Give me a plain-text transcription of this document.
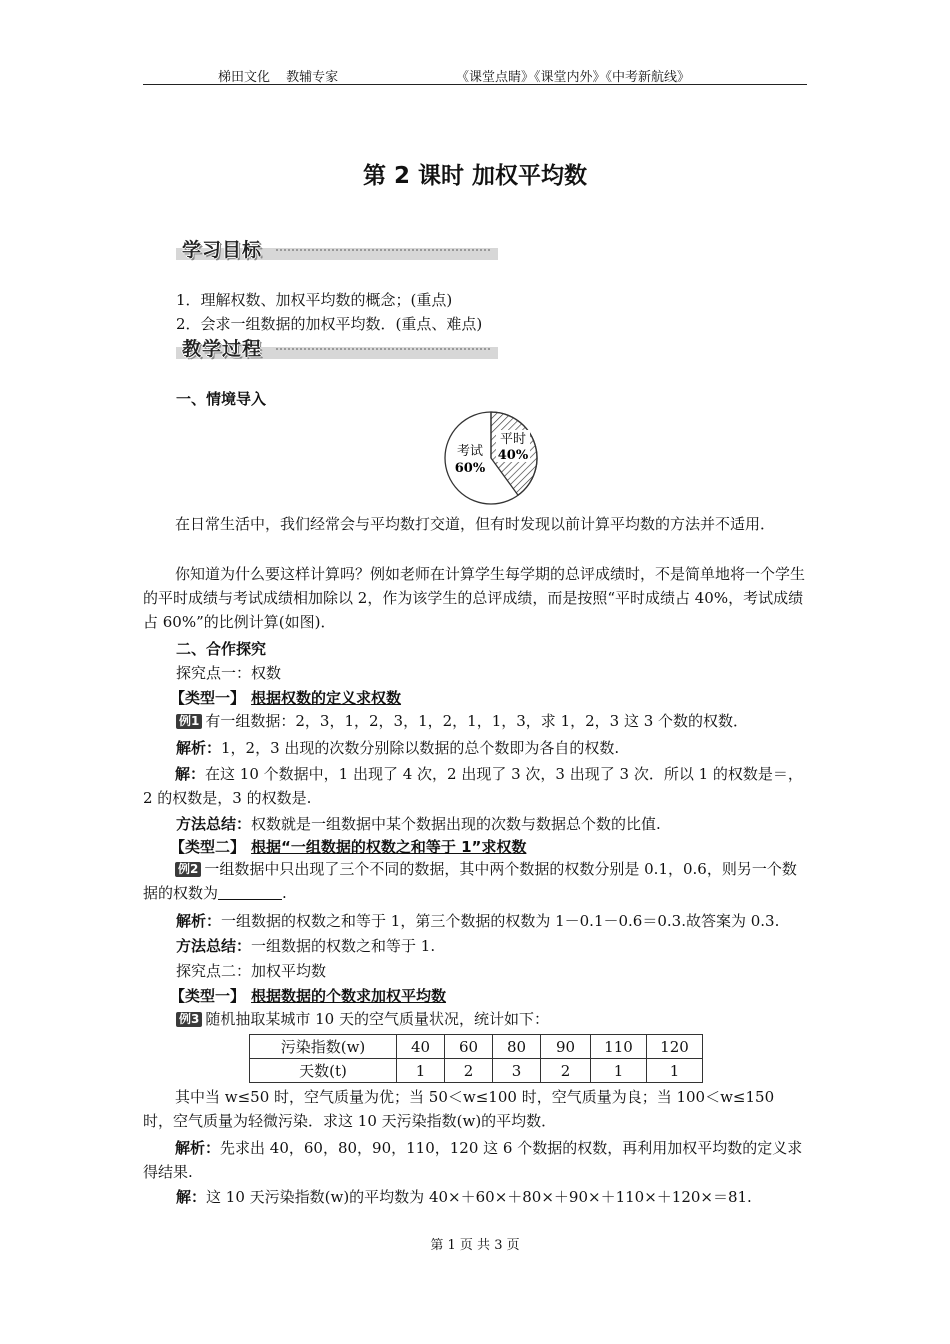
梯田文化 教辅专家	《课堂点睛》《课堂内外》《中考新航线》
第 2 课时 加权平均数
学习目标
1．理解权数、加权平均数的概念；(重点)
2．会求一组数据的加权平均数．(重点、难点)
教学过程
一、情境导入
平时
40%
考试
60%
在日常生活中，我们经常会与平均数打交道，但有时发现以前计算平均数的方法并不适用．
你知道为什么要这样计算吗？例如老师在计算学生每学期的总评成绩时，不是简单地将一个学生的平时成绩与考试成绩相加除以 2，作为该学生的总评成绩，而是按照“平时成绩占 40%，考试成绩占 60%”的比例计算(如图)．
二、合作探究
探究点一：权数
【类型一】 根据权数的定义求权数
例1 有一组数据：2，3，1，2，3，1，2，1，1，3，求 1，2，3 这 3 个数的权数．
解析：1，2，3 出现的次数分别除以数据的总个数即为各自的权数.
解：在这 10 个数据中，1 出现了 4 次，2 出现了 3 次，3 出现了 3 次．所以 1 的权数是＝，2 的权数是，3 的权数是.
方法总结：权数就是一组数据中某个数据出现的次数与数据总个数的比值.
【类型二】 根据“一组数据的权数之和等于 1”求权数
例2 一组数据中只出现了三个不同的数据，其中两个数据的权数分别是 0.1，0.6，则另一个数据的权数为	.
解析：一组数据的权数之和等于 1，第三个数据的权数为 1－0.1－0.6＝0.3.故答案为 0.3.
方法总结：一组数据的权数之和等于 1.
探究点二：加权平均数
【类型一】 根据数据的个数求加权平均数
例3 随机抽取某城市 10 天的空气质量状况，统计如下：
污染指数(w)	40	60	80	90	110	120
天数(t)	1	2	3	2	1	1
其中当 w≤50 时，空气质量为优；当 50＜w≤100 时，空气质量为良；当 100＜w≤150 时，空气质量为轻微污染．求这 10 天污染指数(w)的平均数．
解析：先求出 40，60，80，90，110，120 这 6 个数据的权数，再利用加权平均数的定义求得结果.
解：这 10 天污染指数(w)的平均数为 40×＋60×＋80×＋90×＋110×＋120×＝81.
第 1 页 共 3 页
